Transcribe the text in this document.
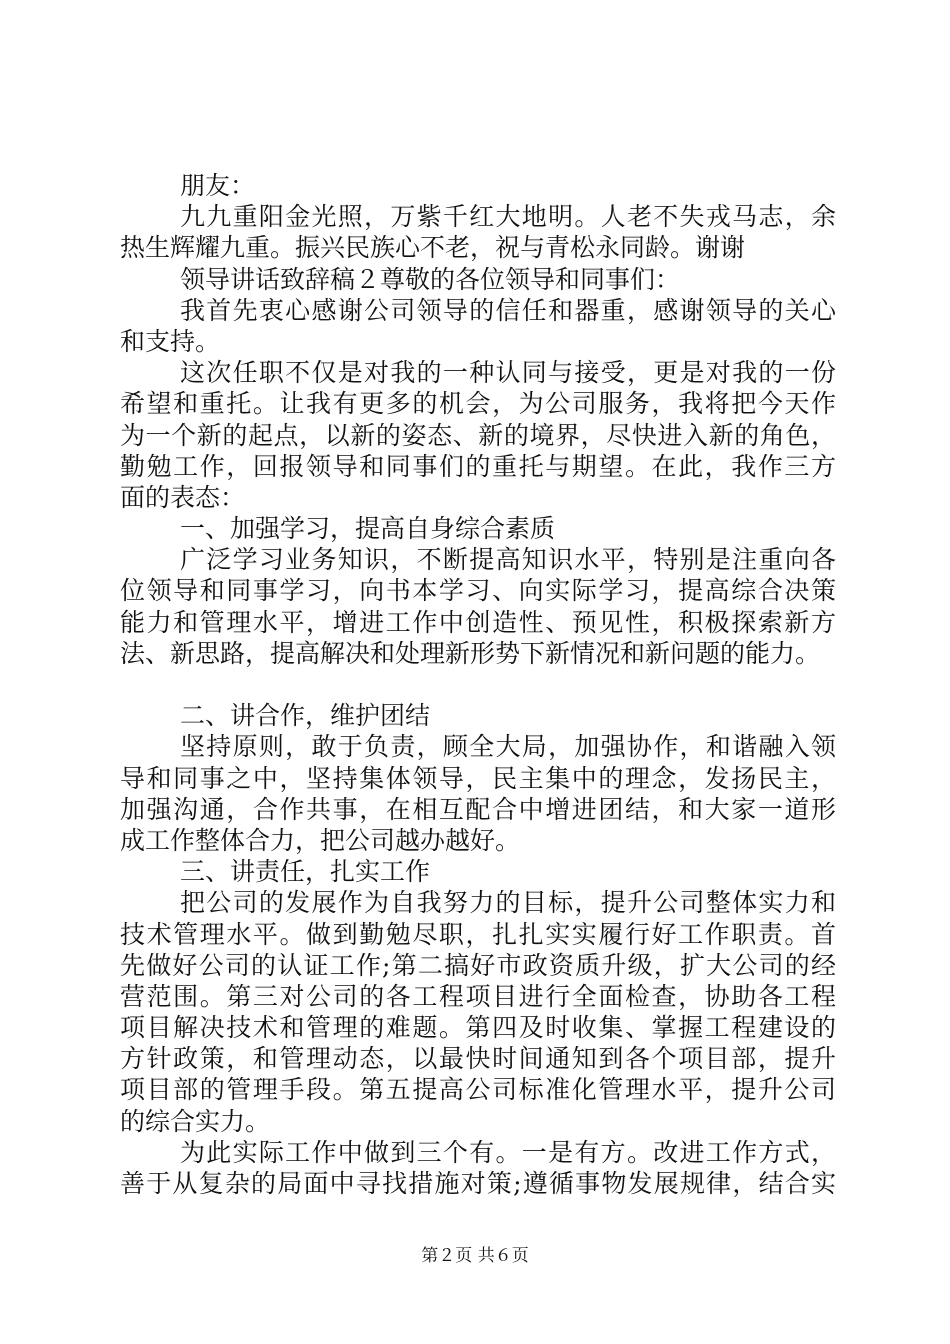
朋友：
九九重阳金光照，万紫千红大地明。人老不失戎马志，余
热生辉耀九重。振兴民族心不老，祝与青松永同龄。谢谢
领导讲话致辞稿２尊敬的各位领导和同事们：
我首先衷心感谢公司领导的信任和器重，感谢领导的关心
和支持。
这次任职不仅是对我的一种认同与接受，更是对我的一份
希望和重托。让我有更多的机会，为公司服务，我将把今天作
为一个新的起点，以新的姿态、新的境界，尽快进入新的角色，
勤勉工作，回报领导和同事们的重托与期望。在此，我作三方
面的表态：
一、加强学习，提高自身综合素质
广泛学习业务知识，不断提高知识水平，特别是注重向各
位领导和同事学习，向书本学习、向实际学习，提高综合决策
能力和管理水平，增进工作中创造性、预见性，积极探索新方
法、新思路，提高解决和处理新形势下新情况和新问题的能力。
二、讲合作，维护团结
坚持原则，敢于负责，顾全大局，加强协作，和谐融入领
导和同事之中，坚持集体领导，民主集中的理念，发扬民主，
加强沟通，合作共事，在相互配合中增进团结，和大家一道形
成工作整体合力，把公司越办越好。
三、讲责任，扎实工作
把公司的发展作为自我努力的目标，提升公司整体实力和
技术管理水平。做到勤勉尽职，扎扎实实履行好工作职责。首
先做好公司的认证工作;第二搞好市政资质升级，扩大公司的经
营范围。第三对公司的各工程项目进行全面检查，协助各工程
项目解决技术和管理的难题。第四及时收集、掌握工程建设的
方针政策，和管理动态，以最快时间通知到各个项目部，提升
项目部的管理手段。第五提高公司标准化管理水平，提升公司
的综合实力。
为此实际工作中做到三个有。一是有方。改进工作方式，
善于从复杂的局面中寻找措施对策;遵循事物发展规律，结合实
第２页 共６页
